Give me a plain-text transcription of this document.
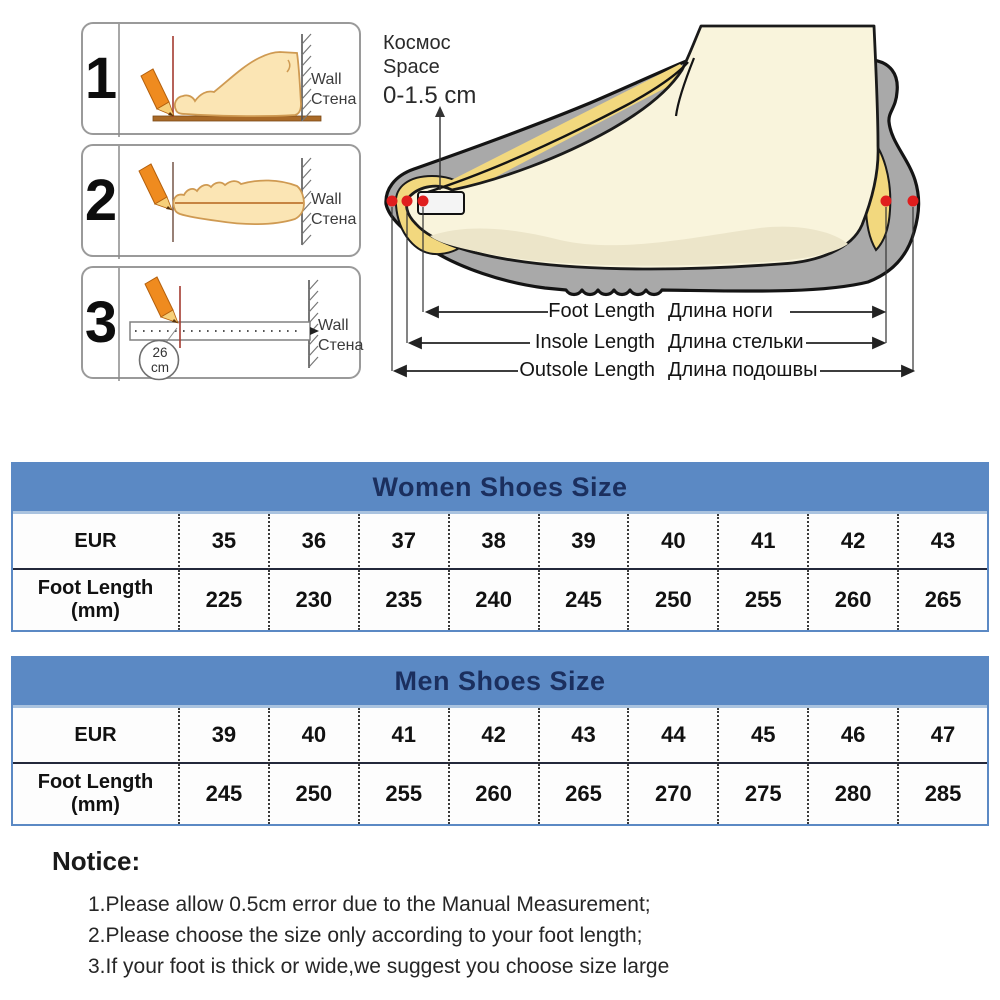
1	Wall
Стена
2	Wall
Стена
3	26
cm
Wall
Стена
Космос
Space
0-1.5 cm
Foot Length Длина ноги
Insole Length Длина стельки
Outsole Length Длина подошвы
Women Shoes Size
EUR	35	36	37	38	39	40	41	42	43
Foot Length
(mm)	225	230	235	240	245	250	255	260	265
Men Shoes Size
EUR	39	40	41	42	43	44	45	46	47
Foot Length
(mm)	245	250	255	260	265	270	275	280	285
Notice:
1.Please allow 0.5cm error due to the Manual Measurement;
2.Please choose the size only according to your foot length;
3.If your foot is thick or wide,we suggest you choose size large
